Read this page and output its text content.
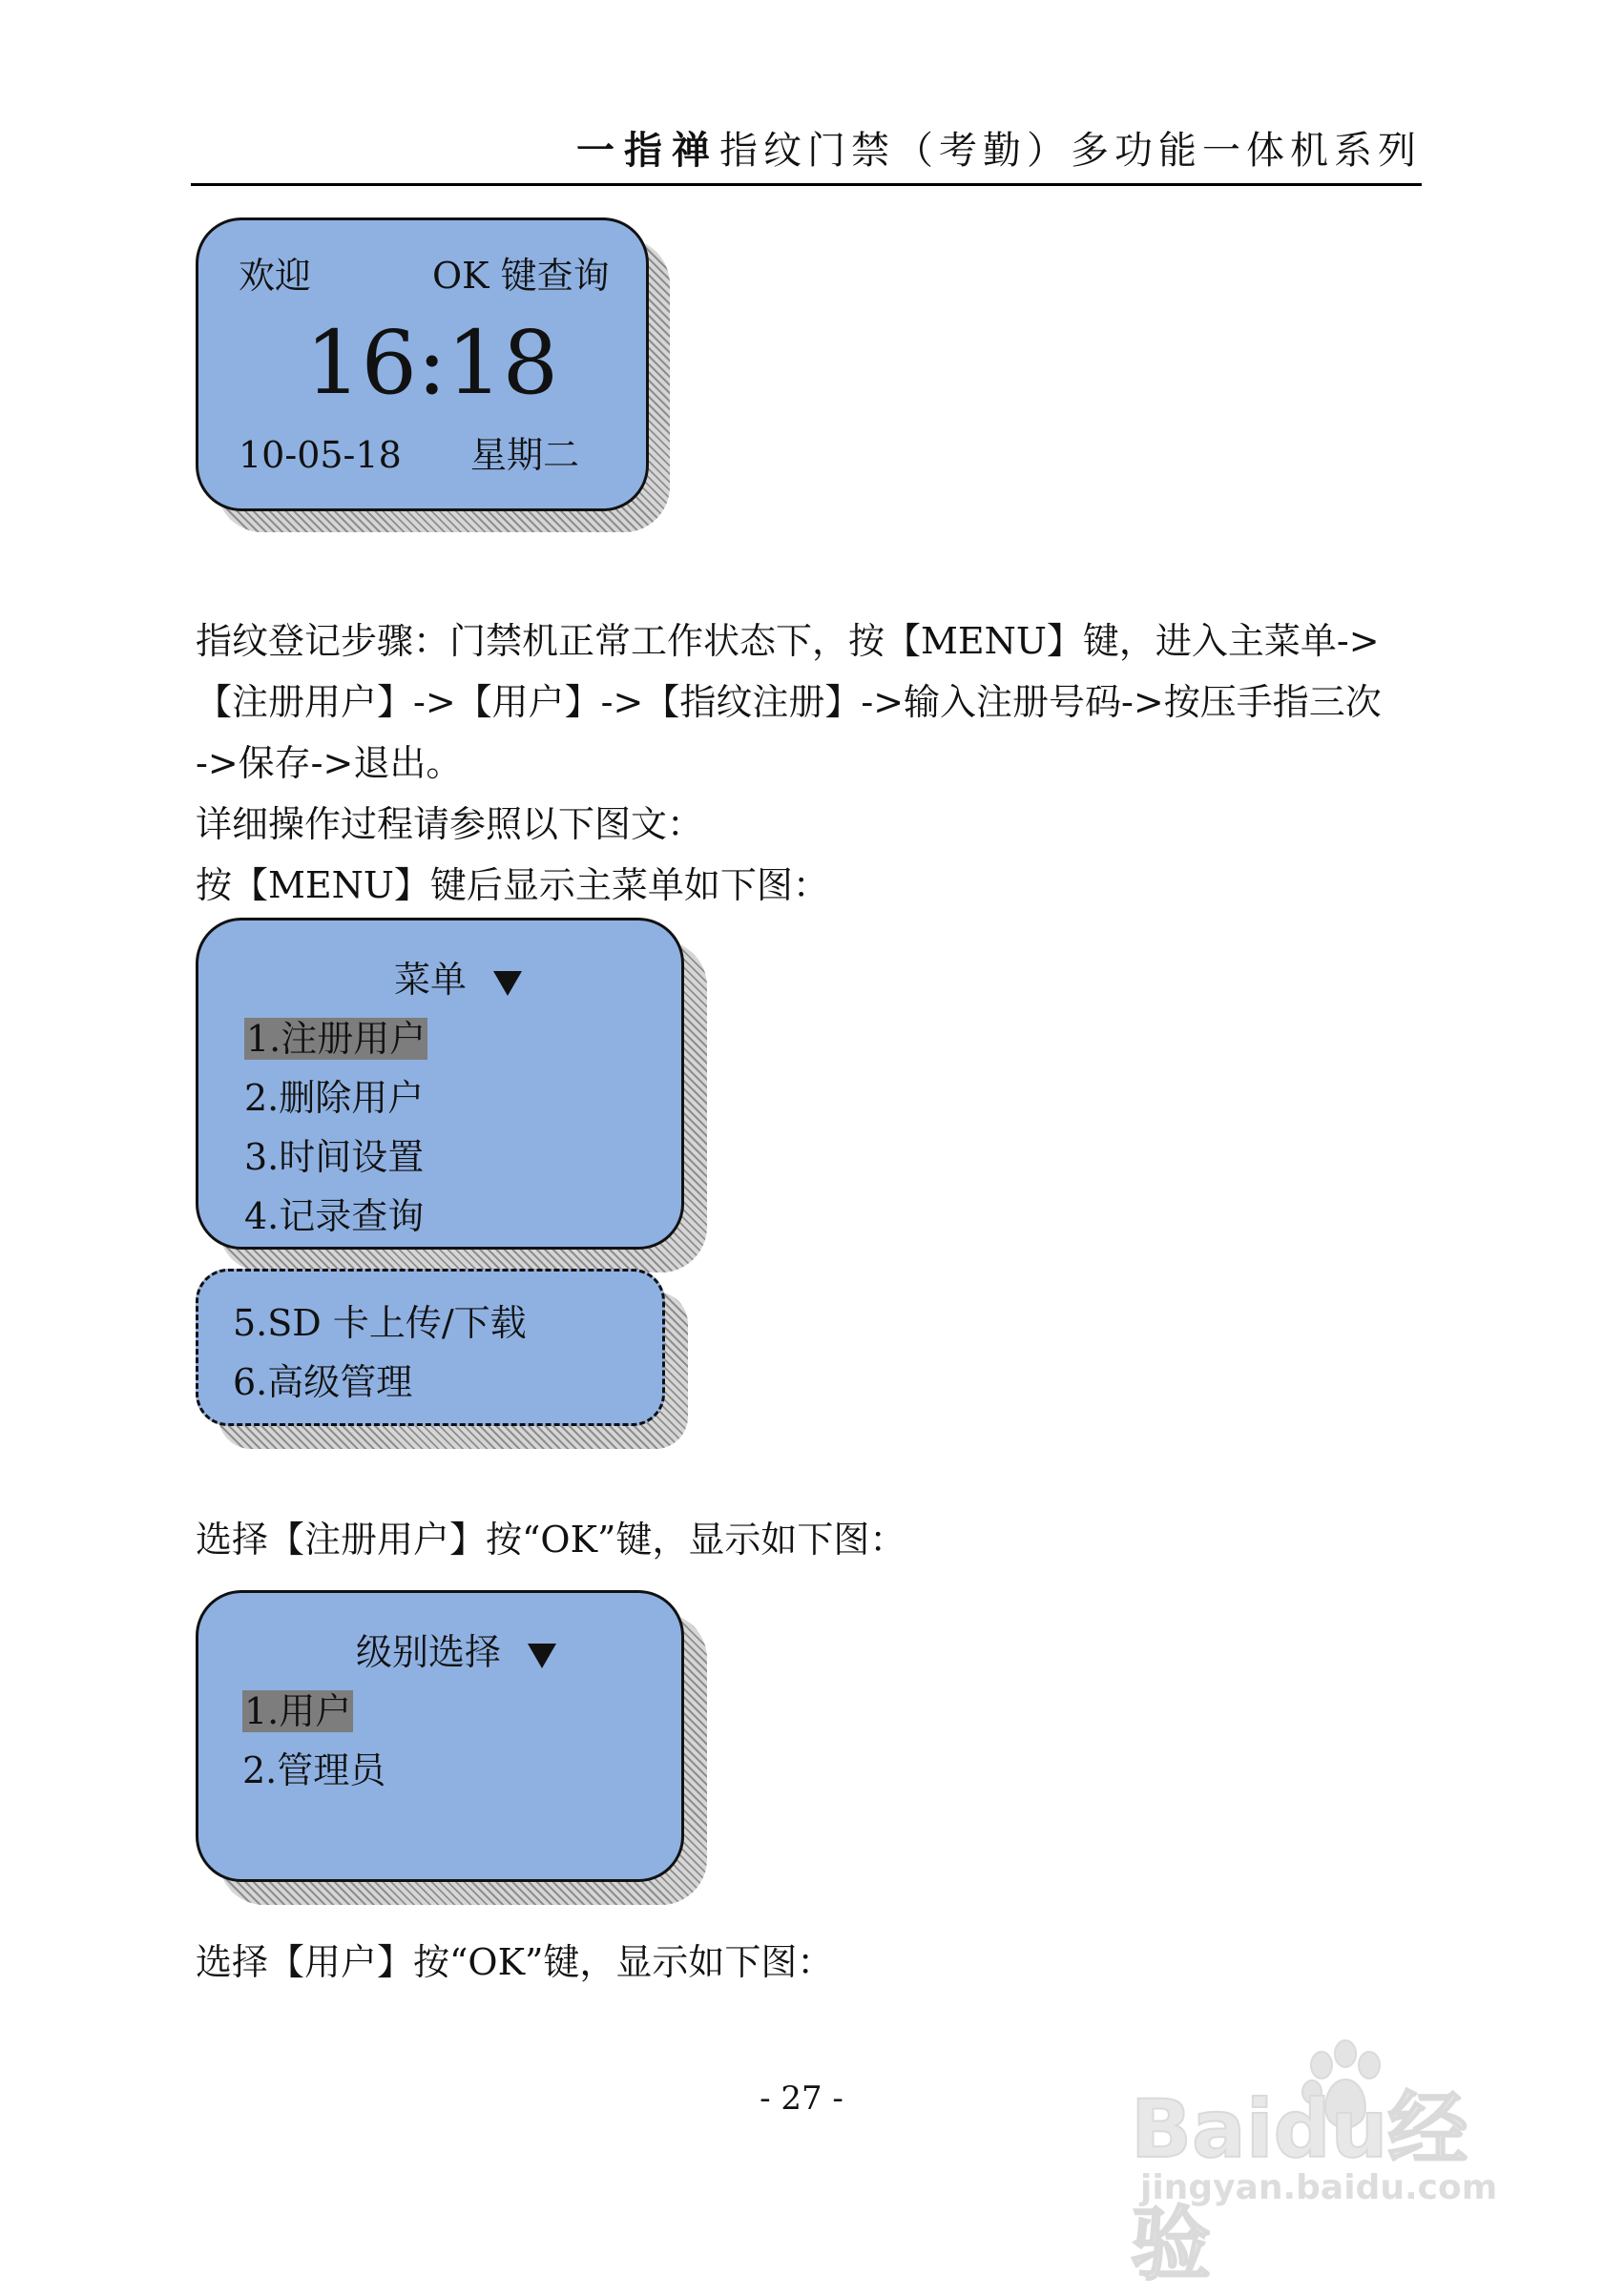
一指禅指纹门禁（考勤）多功能一体机系列
欢迎	OK 键查询
16:18
10-05-18 星期二
指纹登记步骤：门禁机正常工作状态下，按【MENU】键，进入主菜单->
【注册用户】->【用户】->【指纹注册】->输入注册号码->按压手指三次
->保存->退出。
详细操作过程请参照以下图文：
按【MENU】键后显示主菜单如下图：
菜单
1.注册用户
2.删除用户
3.时间设置
4.记录查询
5.SD 卡上传/下载
6.高级管理
选择【注册用户】按“OK”键，显示如下图：
级别选择
1.用户
2.管理员
选择【用户】按“OK”键，显示如下图：
- 27 -	Baidu经验
jingyan.baidu.com
